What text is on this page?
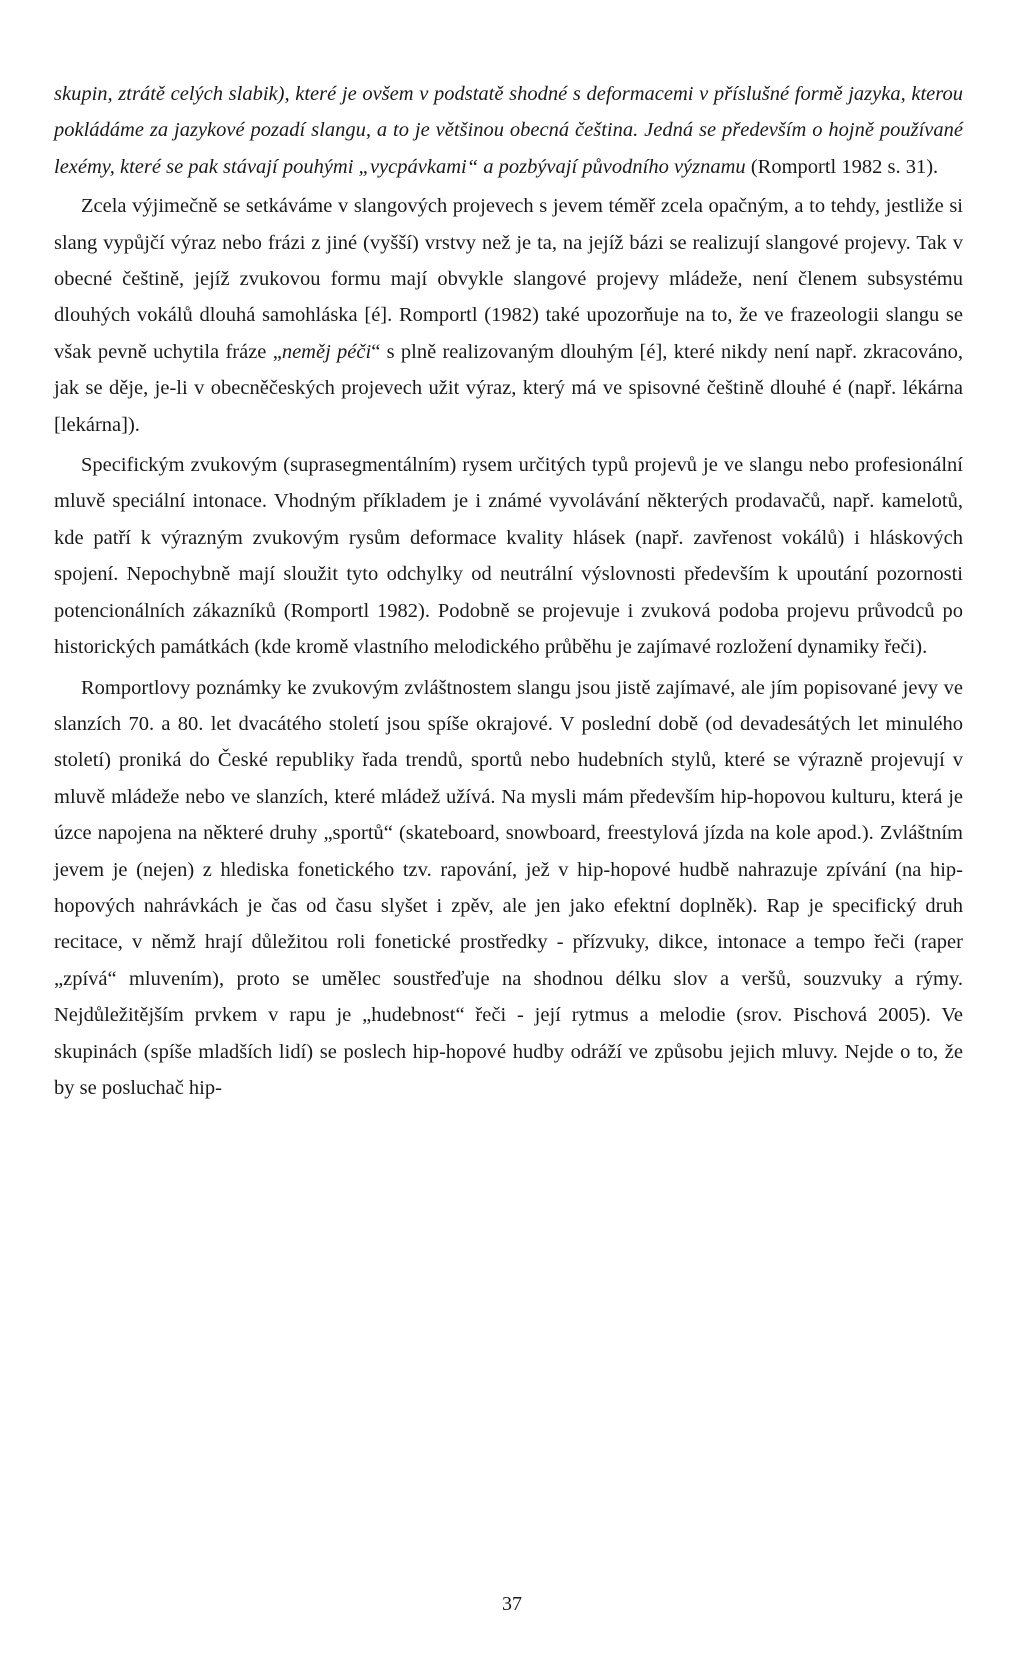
skupin, ztrátě celých slabik), které je ovšem v podstatě shodné s deformacemi v příslušné formě jazyka, kterou pokládáme za jazykové pozadí slangu, a to je většinou obecná čeština. Jedná se především o hojně používané lexémy, které se pak stávají pouhými „vycpávkami“ a pozbývají původního významu (Romportl 1982 s. 31).

Zcela výjimečně se setkáváme v slangových projevech s jevem téměř zcela opačným, a to tehdy, jestliže si slang vypůjčí výraz nebo frázi z jiné (vyšší) vrstvy než je ta, na jejíž bázi se realizují slangové projevy. Tak v obecné češtině, jejíž zvukovou formu mají obvykle slangové projevy mládeže, není členem subsystému dlouhých vokálů dlouhá samohláska [é]. Romportl (1982) také upozorňuje na to, že ve frazeologii slangu se však pevně uchytila fráze „neměj péči“ s plně realizovaným dlouhým [é], které nikdy není např. zkracováno, jak se děje, je-li v obecněčeských projevech užit výraz, který má ve spisovné češtině dlouhé é (např. lékárna [lekárna]).

Specifickým zvukovým (suprasegmentálním) rysem určitých typů projevů je ve slangu nebo profesionální mluvě speciální intonace. Vhodným příkladem je i známé vyvolávání některých prodavačů, např. kamelotů, kde patří k výrazným zvukovým rysům deformace kvality hlásek (např. zavřenost vokálů) i hláskových spojení. Nepochybně mají sloužit tyto odchylky od neutrální výslovnosti především k upoutání pozornosti potencionálních zákazníků (Romportl 1982). Podobně se projevuje i zvuková podoba projevu průvodců po historických památkách (kde kromě vlastního melodického průběhu je zajímavé rozložení dynamiky řeči).

Romportlovy poznámky ke zvukovým zvláštnostem slangu jsou jistě zajímavé, ale jím popisované jevy ve slanzích 70. a 80. let dvacátého století jsou spíše okrajové. V poslední době (od devadesátých let minulého století) proniká do České republiky řada trendů, sportů nebo hudebních stylů, které se výrazně projevují v mluvě mládeže nebo ve slanzích, které mládež užívá. Na mysli mám především hip-hopovou kulturu, která je úzce napojena na některé druhy „sportů“ (skateboard, snowboard, freestylová jízda na kole apod.). Zvláštním jevem je (nejen) z hlediska fonetického tzv. rapování, jež v hip-hopové hudbě nahrazuje zpívání (na hip-hopových nahrávkách je čas od času slyšet i zpěv, ale jen jako efektní doplněk). Rap je specifický druh recitace, v němž hrají důležitou roli fonetické prostředky - přízvuky, dikce, intonace a tempo řeči (raper „zpívá“ mluvením), proto se umělec soustřeďuje na shodnou délku slov a veršů, souzvuky a rýmy. Nejdůležitějším prvkem v rapu je „hudebnost“ řeči - její rytmus a melodie (srov. Pischová 2005). Ve skupinách (spíše mladších lidí) se poslech hip-hopové hudby odráží ve způsobu jejich mluvy. Nejde o to, že by se posluchač hip-

37
